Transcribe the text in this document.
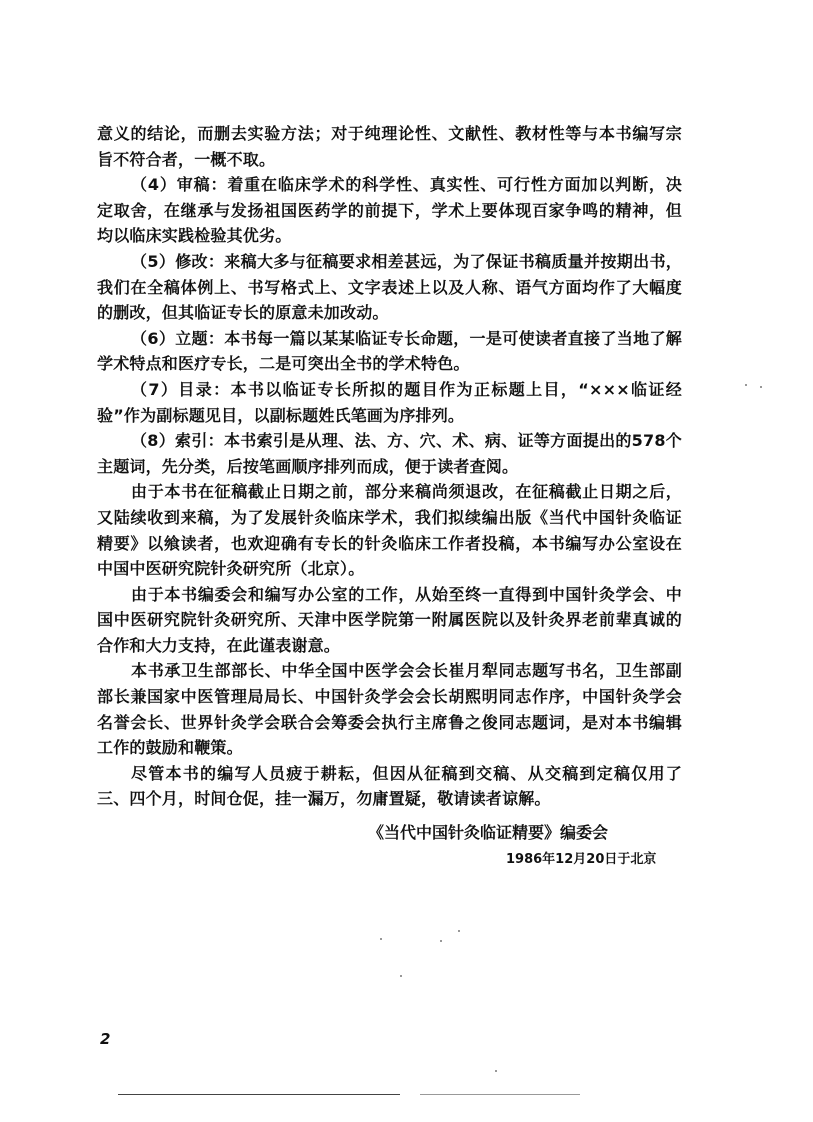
意义的结论，而删去实验方法；对于纯理论性、文献性、教材性等与本书编写宗
旨不符合者，一概不取。
（4）审稿：着重在临床学术的科学性、真实性、可行性方面加以判断，决
定取舍，在继承与发扬祖国医药学的前提下，学术上要体现百家争鸣的精神，但
均以临床实践检验其优劣。
（5）修改：来稿大多与征稿要求相差甚远，为了保证书稿质量并按期出书，
我们在全稿体例上、书写格式上、文字表述上以及人称、语气方面均作了大幅度
的删改，但其临证专长的原意未加改动。
（6）立题：本书每一篇以某某临证专长命题，一是可使读者直接了当地了解
学术特点和医疗专长，二是可突出全书的学术特色。
（7）目录：本书以临证专长所拟的题目作为正标题上目，“×××临证经
验”作为副标题见目，以副标题姓氏笔画为序排列。
（8）索引：本书索引是从理、法、方、穴、术、病、证等方面提出的578个
主题词，先分类，后按笔画顺序排列而成，便于读者查阅。
由于本书在征稿截止日期之前，部分来稿尚须退改，在征稿截止日期之后，
又陆续收到来稿，为了发展针灸临床学术，我们拟续编出版《当代中国针灸临证
精要》以飨读者，也欢迎确有专长的针灸临床工作者投稿，本书编写办公室设在
中国中医研究院针灸研究所（北京）。
由于本书编委会和编写办公室的工作，从始至终一直得到中国针灸学会、中
国中医研究院针灸研究所、天津中医学院第一附属医院以及针灸界老前辈真诚的
合作和大力支持，在此谨表谢意。
本书承卫生部部长、中华全国中医学会会长崔月犁同志题写书名，卫生部副
部长兼国家中医管理局局长、中国针灸学会会长胡熙明同志作序，中国针灸学会
名誉会长、世界针灸学会联合会筹委会执行主席鲁之俊同志题词，是对本书编辑
工作的鼓励和鞭策。
尽管本书的编写人员疲于耕耘，但因从征稿到交稿、从交稿到定稿仅用了
三、四个月，时间仓促，挂一漏万，勿庸置疑，敬请读者谅解。
《当代中国针灸临证精要》编委会
1986年12月20日于北京
2
